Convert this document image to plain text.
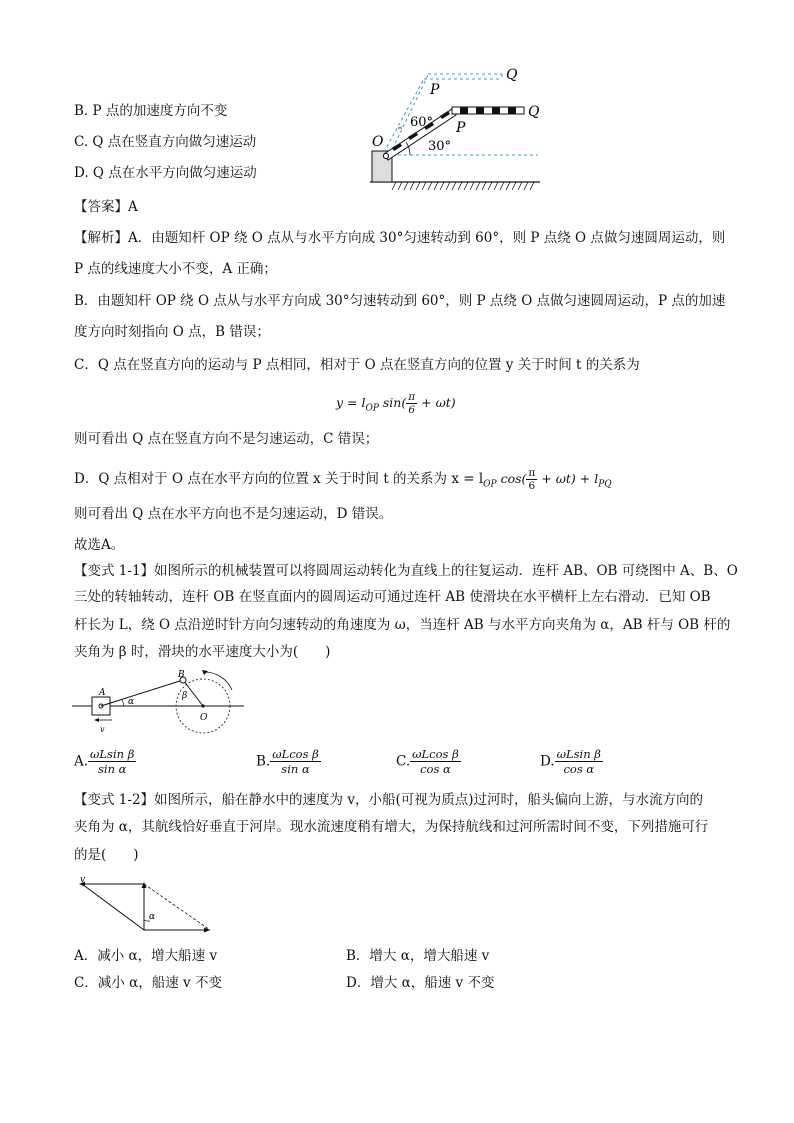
B. P 点的加速度方向不变
C. Q 点在竖直方向做匀速运动
D. Q 点在水平方向做匀速运动
Q
P
Q
P
O
60°
30°
【答案】A
【解析】A．由题知杆 OP 绕 O 点从与水平方向成 30°匀速转动到 60°，则 P 点绕 O 点做匀速圆周运动，则
P 点的线速度大小不变，A 正确；
B．由题知杆 OP 绕 O 点从与水平方向成 30°匀速转动到 60°，则 P 点绕 O 点做匀速圆周运动，P 点的加速
度方向时刻指向 O 点，B 错误；
C．Q 点在竖直方向的运动与 P 点相同，相对于 O 点在竖直方向的位置 y 关于时间 t 的关系为
$y = l_{OP}$ $\sin( \frac{\pi}{6} + \omega t)$
则可看出 Q 点在竖直方向不是匀速运动，C 错误；
D．Q 点相对于 O 点在水平方向的位置 x 关于时间 t 的关系为 $x = l_{OP}$ $\cos( \frac{\pi}{6} + \omega t) + l_{PQ}$
则可看出 Q 点在水平方向也不是匀速运动，D 错误。
故选A。
【变式 1-1】如图所示的机械装置可以将圆周运动转化为直线上的往复运动．连杆 AB、OB 可绕图中 A、B、O
三处的转轴转动，连杆 OB 在竖直面内的圆周运动可通过连杆 AB 使滑块在水平横杆上左右滑动．已知 OB
杆长为 L，绕 O 点沿逆时针方向匀速转动的角速度为 ω，当连杆 AB 与水平方向夹角为 α，AB 杆与 OB 杆的
夹角为 β 时，滑块的水平速度大小为(　　)
A
B
O
α
β
v
A. $\frac{\text{ωLsin β}}{\text{sin α}}$	B. $\frac{\text{ωLcos β}}{\text{sin α}}$	C. $\frac{\text{ωLcos β}}{\text{cos α}}$	D. $\frac{\text{ωLsin β}}{\text{cos α}}$
【变式 1-2】如图所示，船在静水中的速度为 v，小船(可视为质点)过河时，船头偏向上游，与水流方向的
夹角为 α，其航线恰好垂直于河岸。现水流速度稍有增大，为保持航线和过河所需时间不变，下列措施可行
的是(　　)
v
α
A．减小 α，增大船速 v	B．增大 α，增大船速 v
C．减小 α，船速 v 不变	D．增大 α，船速 v 不变
